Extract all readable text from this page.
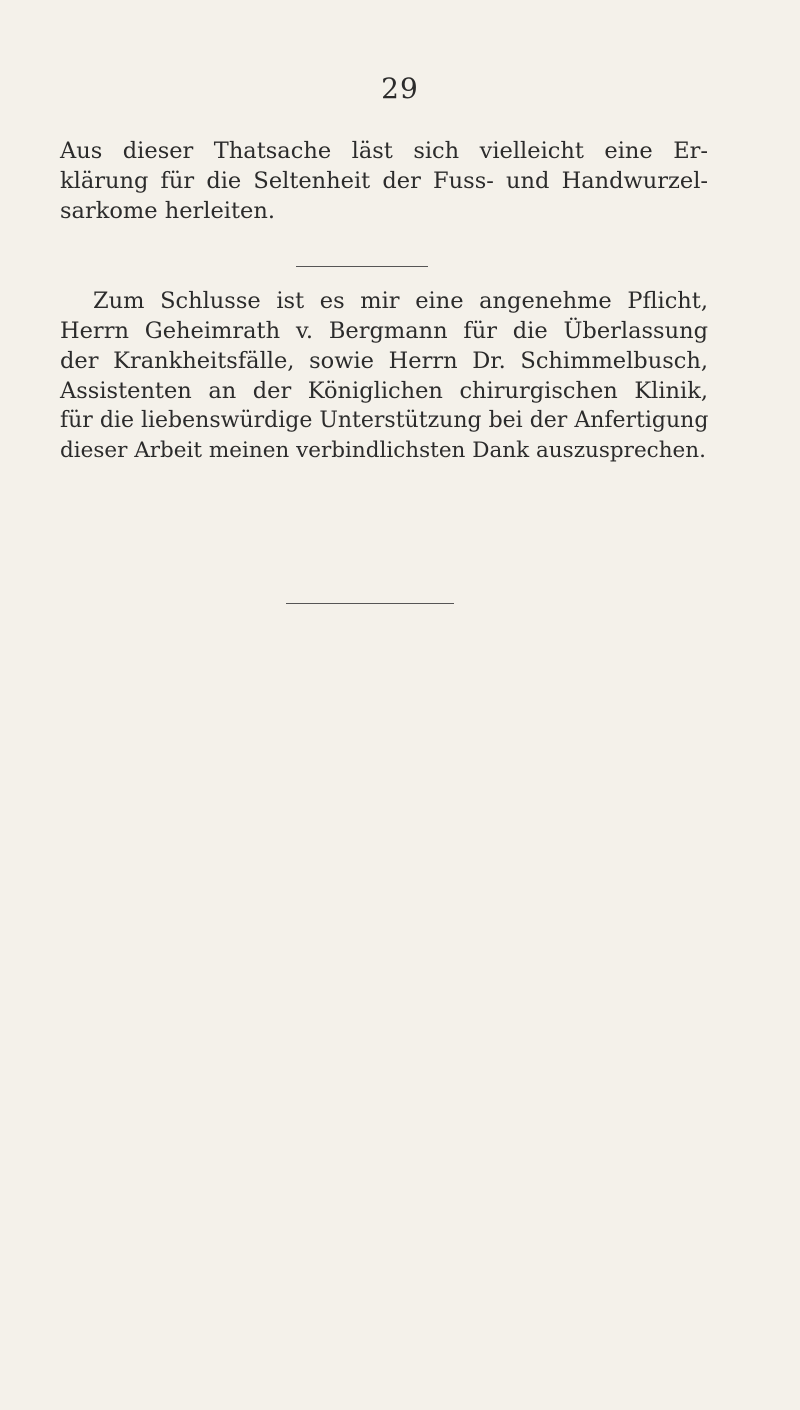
29
Aus dieser Thatsache läst sich vielleicht eine Er-
klärung für die Seltenheit der Fuss- und Handwurzel-
sarkome herleiten.
Zum Schlusse ist es mir eine angenehme Pflicht,
Herrn Geheimrath v. Bergmann für die Überlassung
der Krankheitsfälle, sowie Herrn Dr. Schimmelbusch,
Assistenten an der Königlichen chirurgischen Klinik,
für die liebenswürdige Unterstützung bei der Anfertigung
dieser Arbeit meinen verbindlichsten Dank auszusprechen.
